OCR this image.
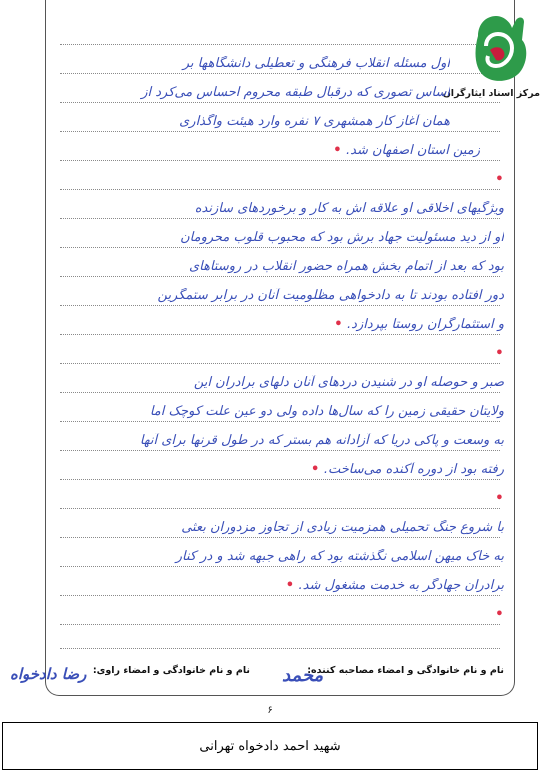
مرکز اسناد ایثارگران
اول مسئله انقلاب فرهنگی و تعطیلی دانشگاهها بر
اساس تصوری که درقبال طبقه محروم احساس می‌کرد از
همان آغاز کار همشهری ۷ نفره وارد هیئت واگذاری
زمین استان اصفهان شد. •
•
ویژگیهای اخلاقی او علاقه اش به کار و برخوردهای سازنده
او از دید مسئولیت جهاد برش بود که محبوب قلوب محرومان
بود که بعد از اتمام بخش همراه حضور انقلاب در روستاهای
دور افتاده بودند تا به دادخواهی مظلومیت آنان در برابر ستمگرین
و استثمارگران روستا بپردازد. •
•
صبر و حوصله او در شنیدن دردهای آنان دلهای برادران این
ولایتان حقیقی زمین را که سال‌ها داده ولی دو عین علت کوچک اما
به وسعت و پاکی دریا که آزادانه هم بستر که در طول قرنها برای آنها
رفته بود از دوره آکنده می‌ساخت. •
•
با شروع جنگ تحمیلی همزمیت زیادی از تجاوز مزدوران بعثی
به خاک میهن اسلامی نگذشته بود که راهی جبهه شد و در کنار
برادران جهادگر به خدمت مشغول شد. •
•
نام و نام خانوادگی و امضاء مصاحبه کننده:
نام و نام خانوادگی و امضاء راوی: محمد
رضا دادخواه
۶
شهید احمد دادخواه تهرانی
